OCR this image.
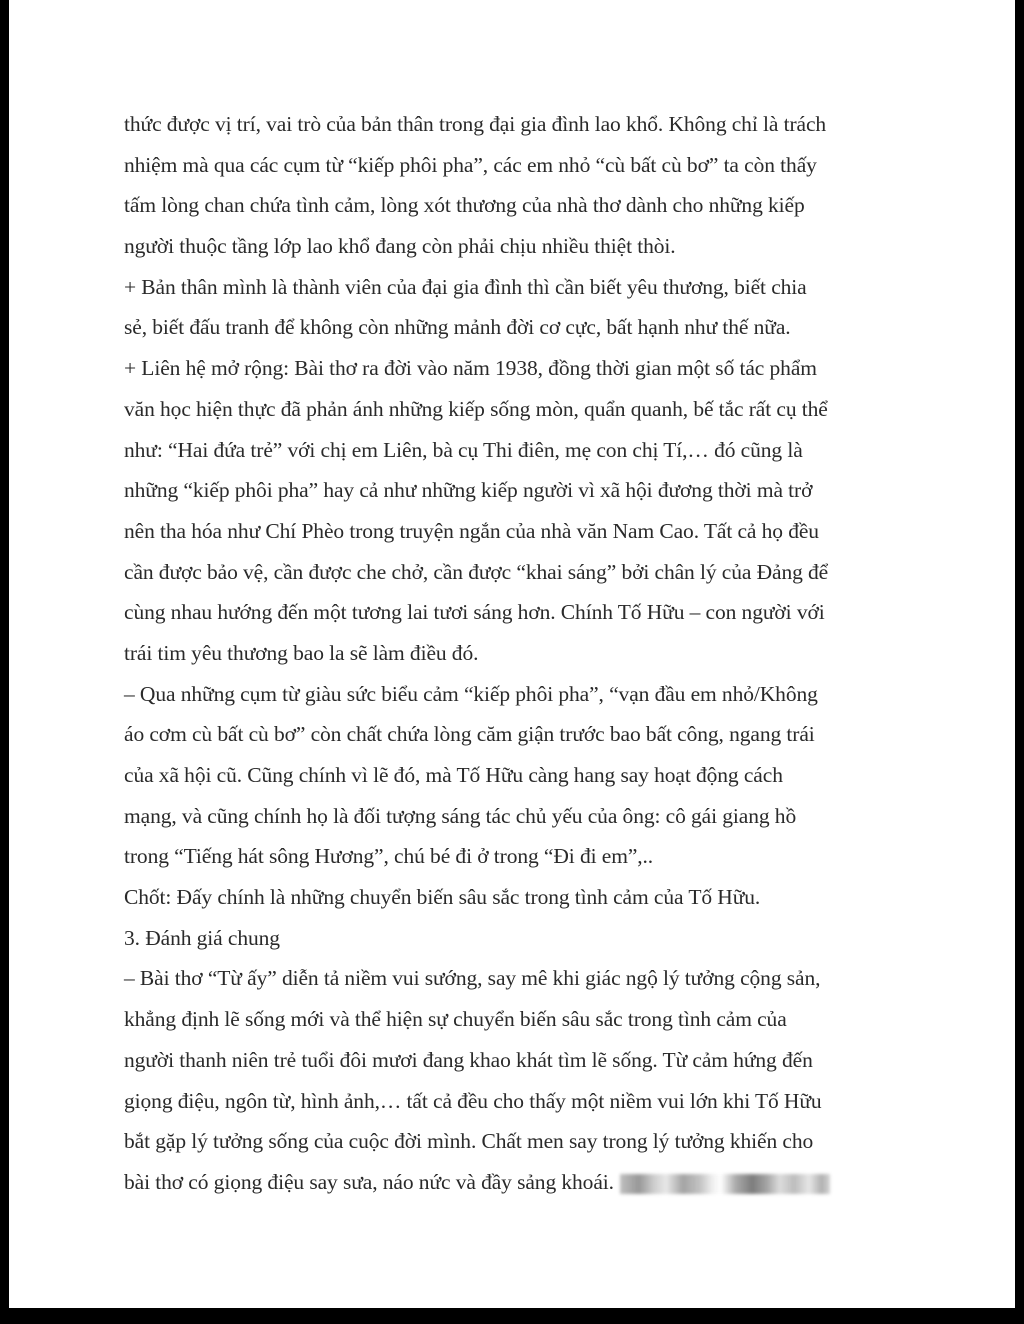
thức được vị trí, vai trò của bản thân trong đại gia đình lao khổ. Không chỉ là trách
nhiệm mà qua các cụm từ “kiếp phôi pha”, các em nhỏ “cù bất cù bơ” ta còn thấy
tấm lòng chan chứa tình cảm, lòng xót thương của nhà thơ dành cho những kiếp
người thuộc tầng lớp lao khổ đang còn phải chịu nhiều thiệt thòi.
+ Bản thân mình là thành viên của đại gia đình thì cần biết yêu thương, biết chia
sẻ, biết đấu tranh để không còn những mảnh đời cơ cực, bất hạnh như thế nữa.
+ Liên hệ mở rộng: Bài thơ ra đời vào năm 1938, đồng thời gian một số tác phẩm
văn học hiện thực đã phản ánh những kiếp sống mòn, quẩn quanh, bế tắc rất cụ thể
như: “Hai đứa trẻ” với chị em Liên, bà cụ Thi điên, mẹ con chị Tí,… đó cũng là
những “kiếp phôi pha” hay cả như những kiếp người vì xã hội đương thời mà trở
nên tha hóa như Chí Phèo trong truyện ngắn của nhà văn Nam Cao. Tất cả họ đều
cần được bảo vệ, cần được che chở, cần được “khai sáng” bởi chân lý của Đảng để
cùng nhau hướng đến một tương lai tươi sáng hơn. Chính Tố Hữu – con người với
trái tim yêu thương bao la sẽ làm điều đó.
– Qua những cụm từ giàu sức biểu cảm “kiếp phôi pha”, “vạn đầu em nhỏ/Không
áo cơm cù bất cù bơ” còn chất chứa lòng căm giận trước bao bất công, ngang trái
của xã hội cũ. Cũng chính vì lẽ đó, mà Tố Hữu càng hang say hoạt động cách
mạng, và cũng chính họ là đối tượng sáng tác chủ yếu của ông: cô gái giang hồ
trong “Tiếng hát sông Hương”, chú bé đi ở trong “Đi đi em”,..
Chốt: Đấy chính là những chuyển biến sâu sắc trong tình cảm của Tố Hữu.
3. Đánh giá chung
– Bài thơ “Từ ấy” diễn tả niềm vui sướng, say mê khi giác ngộ lý tưởng cộng sản,
khẳng định lẽ sống mới và thể hiện sự chuyển biến sâu sắc trong tình cảm của
người thanh niên trẻ tuổi đôi mươi đang khao khát tìm lẽ sống. Từ cảm hứng đến
giọng điệu, ngôn từ, hình ảnh,… tất cả đều cho thấy một niềm vui lớn khi Tố Hữu
bắt gặp lý tưởng sống của cuộc đời mình. Chất men say trong lý tưởng khiến cho
bài thơ có giọng điệu say sưa, náo nức và đầy sảng khoái.
